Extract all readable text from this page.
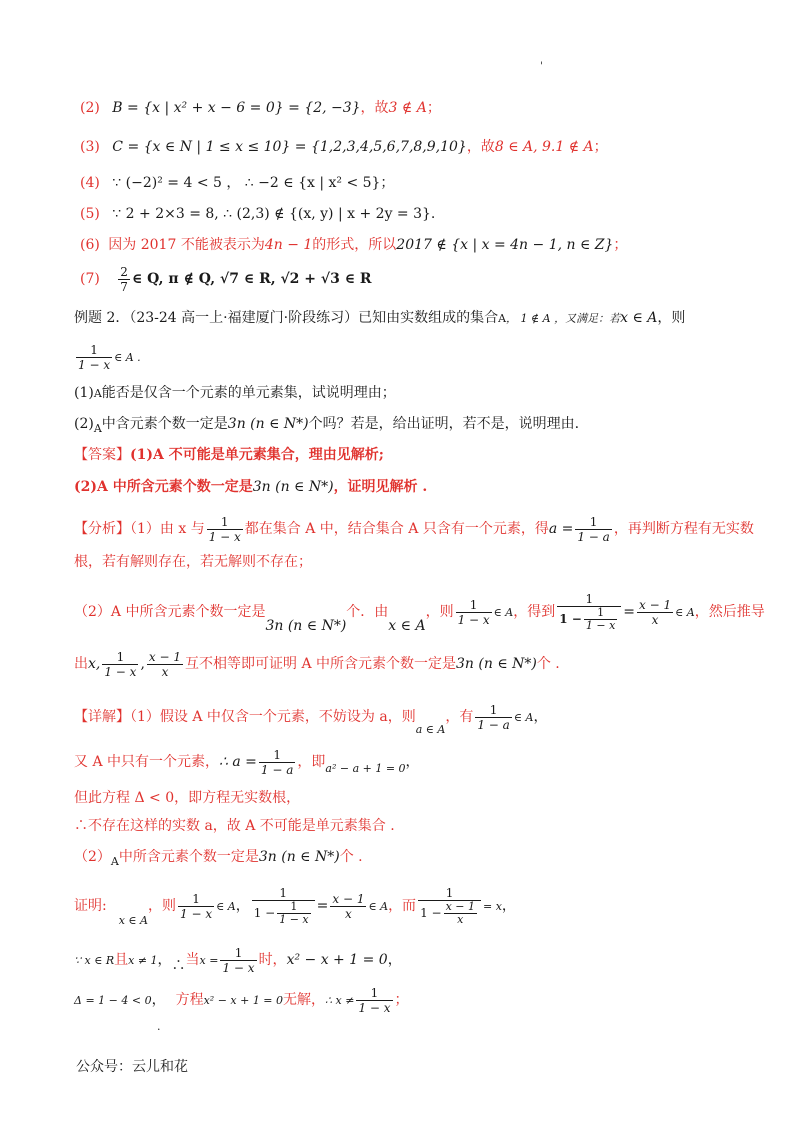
'
(2) B = {x | x² + x − 6 = 0} = {2, −3}，故3 ∉ A；
(3) C = {x ∈ N | 1 ≤ x ≤ 10} = {1,2,3,4,5,6,7,8,9,10}，故8 ∈ A, 9.1 ∉ A；
(4) ∵ (−2)² = 4 < 5 ， ∴ −2 ∈ {x | x² < 5}；
(5) ∵ 2 + 2×3 = 8, ∴ (2,3) ∉ {(x, y) | x + 2y = 3}.
(6) 因为 2017 不能被表示为4n − 1的形式，所以2017 ∉ {x | x = 4n − 1, n ∈ Z}；
$(7) \frac{2}{7}$ ∈ Q, π ∉ Q, √7 ∈ R, √2 + √3 ∈ R
例题 2．（23-24 高一上·福建厦门·阶段练习）已知由实数组成的集合A， 1 ∉ A ，又满足：若x ∈ A，则
$\frac{1}{1 - x}$ ∈ A .
(1)A能否是仅含一个元素的单元素集，试说明理由；
$(2)_A$中含元素个数一定是3n (n ∈ N*)个吗？若是，给出证明，若不是，说明理由.
【答案】(1)A 不可能是单元素集合，理由见解析;
(2)A 中所含元素个数一定是3n (n ∈ N*)，证明见解析 .
【分析】（1）由 x 与 $\frac{1}{1 - x}$ 都在集合 A 中，结合集合 A 只含有一个元素，得$a = \frac{1}{1 - a}$ ，再判断方程有无实数
根，若有解则存在，若无解则不存在；
（2）A 中所含元素个数一定是3n (n ∈ N*)个．由x ∈ A，则 $\frac{1}{1 - x}$ ∈ A，得到 $\frac{1}{1 - \frac{1}{1 - x}} = \frac{x - 1}{x}$ ∈ A，然后推导
出x, $\frac{1}{1 - x}$ , $\frac{x - 1}{x}$ 互不相等即可证明 A 中所含元素个数一定是3n (n ∈ N*)个 .
【详解】（1）假设 A 中仅含一个元素，不妨设为 a，则$_{a \in A}$，有 $\frac{1}{1 - a}$ ∈ A，
又 A 中只有一个元素，∴ $a = \frac{1}{1 - a}$ ，即$_{a^2 - a + 1 = 0}$，
但此方程 Δ < 0，即方程无实数根，
∴不存在这样的实数 a，故 A 不可能是单元素集合 .
$(2)_A$中所含元素个数一定是3n (n ∈ N*)个 .
证明$:_{x \in A}$，则 $\frac{1}{1 - x}$ ∈ A， $\frac{1}{1 - \frac{1}{1 - x}} = \frac{x - 1}{x}$ ∈ A，而 $\frac{1}{1 - \frac{x - 1}{x}} = x$，
∵ x ∈ R且x ≠ 1，∴当$x = \frac{1}{1 - x}$ 时，x² − x + 1 = 0，
Δ = 1 − 4 < 0， 方程x² − x + 1 = 0无解，∴ $x \ne \frac{1}{1 - x}$ ；
.
公众号：云儿和花
